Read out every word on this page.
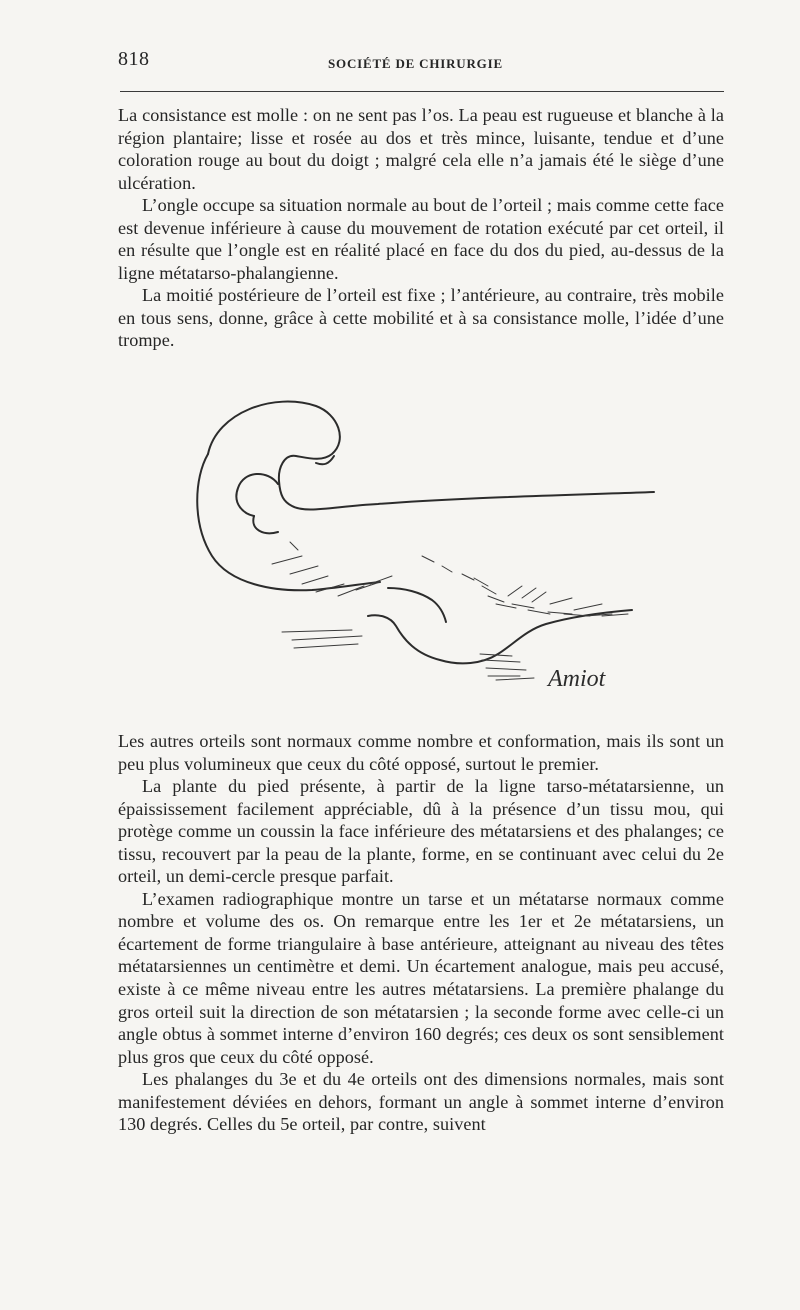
818	SOCIÉTÉ DE CHIRURGIE

La consistance est molle : on ne sent pas l’os. La peau est rugueuse et blanche à la région plantaire; lisse et rosée au dos et très mince, luisante, tendue et d’une coloration rouge au bout du doigt ; malgré cela elle n’a jamais été le siège d’une ulcération.

L’ongle occupe sa situation normale au bout de l’orteil ; mais comme cette face est devenue inférieure à cause du mouvement de rotation exécuté par cet orteil, il en résulte que l’ongle est en réalité placé en face du dos du pied, au-dessus de la ligne métatarso-phalangienne.

La moitié postérieure de l’orteil est fixe ; l’antérieure, au contraire, très mobile en tous sens, donne, grâce à cette mobilité et à sa consistance molle, l’idée d’une trompe.

Amiot

Les autres orteils sont normaux comme nombre et conformation, mais ils sont un peu plus volumineux que ceux du côté opposé, surtout le premier.

La plante du pied présente, à partir de la ligne tarso-métatarsienne, un épaississement facilement appréciable, dû à la présence d’un tissu mou, qui protège comme un coussin la face inférieure des métatarsiens et des phalanges; ce tissu, recouvert par la peau de la plante, forme, en se continuant avec celui du 2e orteil, un demi-cercle presque parfait.

L’examen radiographique montre un tarse et un métatarse normaux comme nombre et volume des os. On remarque entre les 1er et 2e métatarsiens, un écartement de forme triangulaire à base antérieure, atteignant au niveau des têtes métatarsiennes un centimètre et demi. Un écartement analogue, mais peu accusé, existe à ce même niveau entre les autres métatarsiens. La première phalange du gros orteil suit la direction de son métatarsien ; la seconde forme avec celle-ci un angle obtus à sommet interne d’environ 160 degrés; ces deux os sont sensiblement plus gros que ceux du côté opposé.

Les phalanges du 3e et du 4e orteils ont des dimensions normales, mais sont manifestement déviées en dehors, formant un angle à sommet interne d’environ 130 degrés. Celles du 5e orteil, par contre, suivent
